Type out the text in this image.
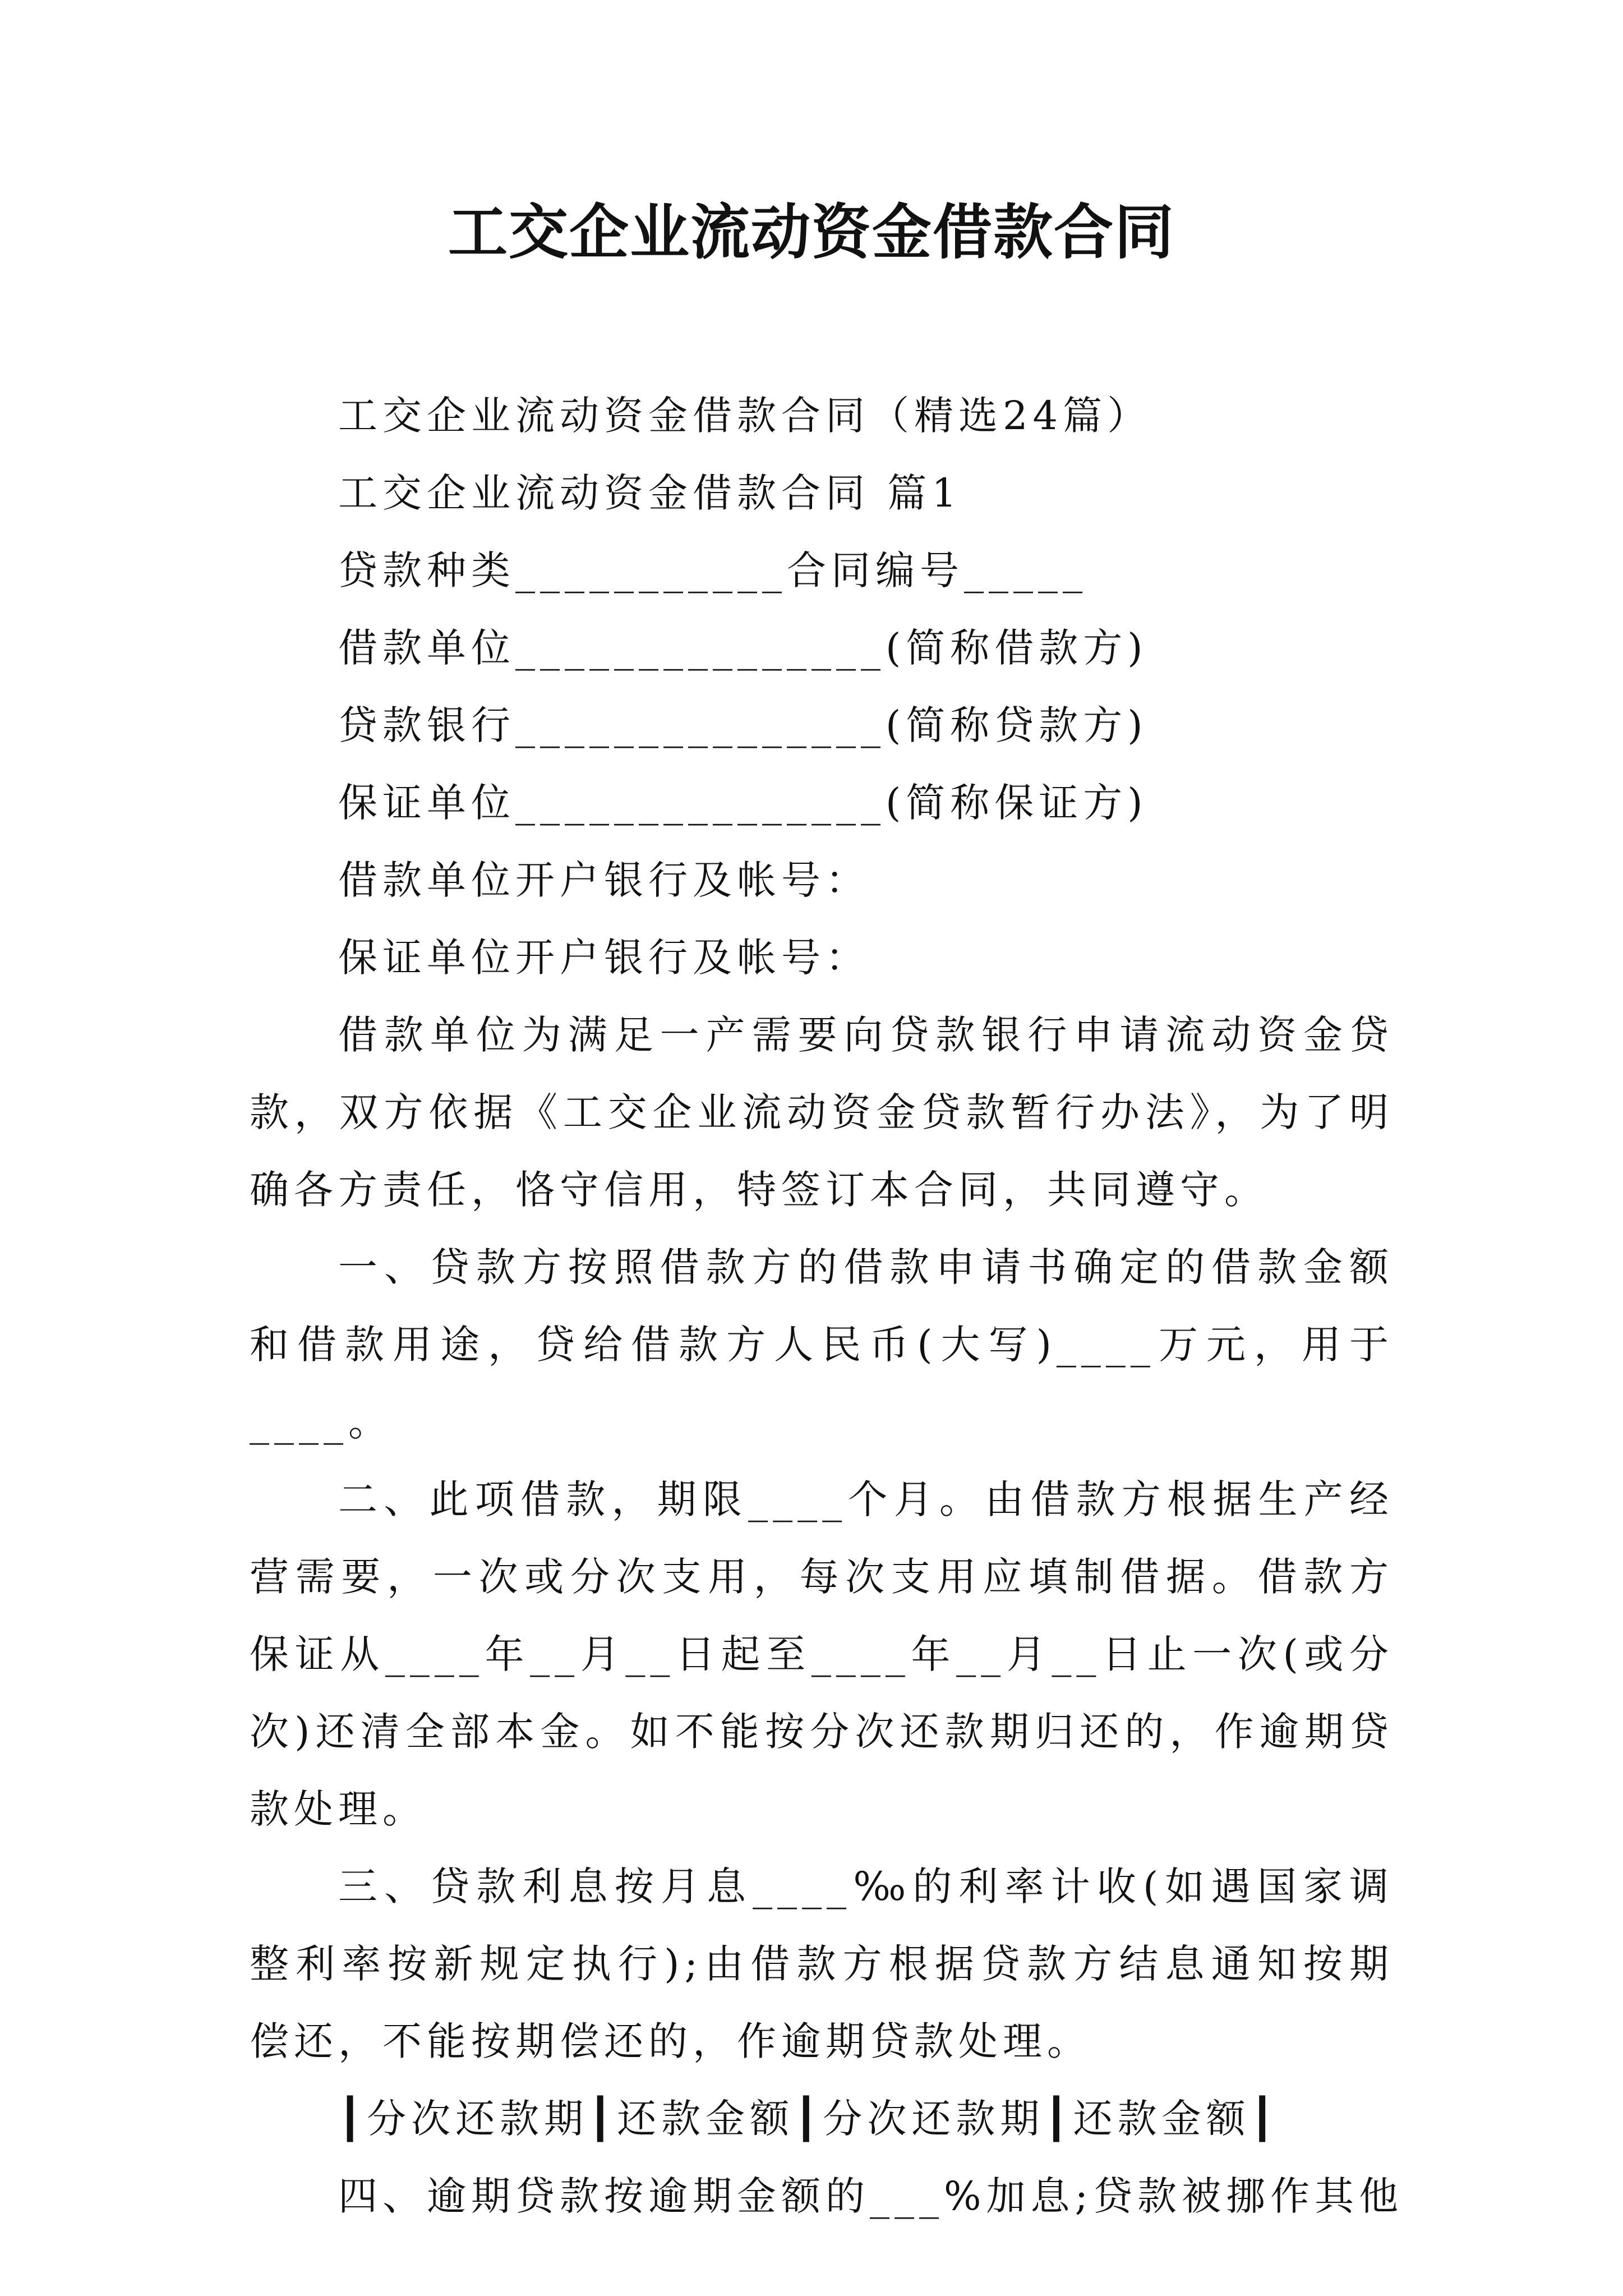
工交企业流动资金借款合同

工交企业流动资金借款合同（精选24篇）

工交企业流动资金借款合同 篇1

贷款种类___________合同编号_____

借款单位_______________(简称借款方)

贷款银行_______________(简称贷款方)

保证单位_______________(简称保证方)

借款单位开户银行及帐号：

保证单位开户银行及帐号：

借款单位为满足一产需要向贷款银行申请流动资金贷款，双方依据《工交企业流动资金贷款暂行办法》，为了明确各方责任，恪守信用，特签订本合同，共同遵守。

一、贷款方按照借款方的借款申请书确定的借款金额和借款用途，贷给借款方人民币(大写)____万元，用于____。

二、此项借款，期限____个月。由借款方根据生产经营需要，一次或分次支用，每次支用应填制借据。借款方保证从____年__月__日起至____年__月__日止一次(或分次)还清全部本金。如不能按分次还款期归还的，作逾期贷款处理。

三、贷款利息按月息____‰的利率计收(如遇国家调整利率按新规定执行);由借款方根据贷款方结息通知按期偿还，不能按期偿还的，作逾期贷款处理。

┃分次还款期┃还款金额┃分次还款期┃还款金额┃

四、逾期贷款按逾期金额的___%加息;贷款被挪作其他
